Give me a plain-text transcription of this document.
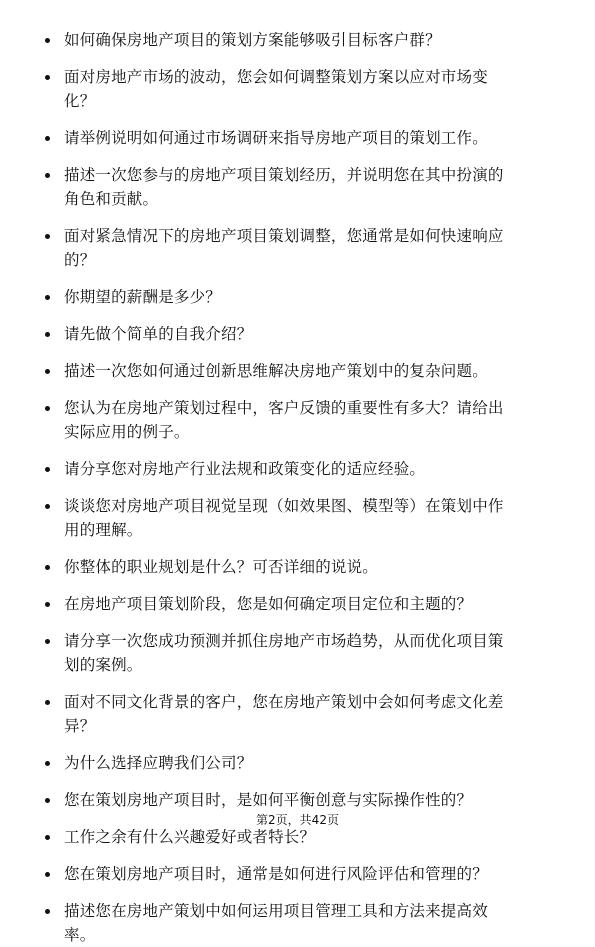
如何确保房地产项目的策划方案能够吸引目标客户群？
面对房地产市场的波动，您会如何调整策划方案以应对市场变
化？
请举例说明如何通过市场调研来指导房地产项目的策划工作。
描述一次您参与的房地产项目策划经历，并说明您在其中扮演的
角色和贡献。
面对紧急情况下的房地产项目策划调整，您通常是如何快速响应
的？
你期望的薪酬是多少？
请先做个简单的自我介绍？
描述一次您如何通过创新思维解决房地产策划中的复杂问题。
您认为在房地产策划过程中，客户反馈的重要性有多大？请给出
实际应用的例子。
请分享您对房地产行业法规和政策变化的适应经验。
谈谈您对房地产项目视觉呈现（如效果图、模型等）在策划中作
用的理解。
你整体的职业规划是什么？可否详细的说说。
在房地产项目策划阶段，您是如何确定项目定位和主题的？
请分享一次您成功预测并抓住房地产市场趋势，从而优化项目策
划的案例。
面对不同文化背景的客户，您在房地产策划中会如何考虑文化差
异？
为什么选择应聘我们公司？
您在策划房地产项目时，是如何平衡创意与实际操作性的？
工作之余有什么兴趣爱好或者特长？
您在策划房地产项目时，通常是如何进行风险评估和管理的？
描述您在房地产策划中如何运用项目管理工具和方法来提高效
率。
第2页，共42页
